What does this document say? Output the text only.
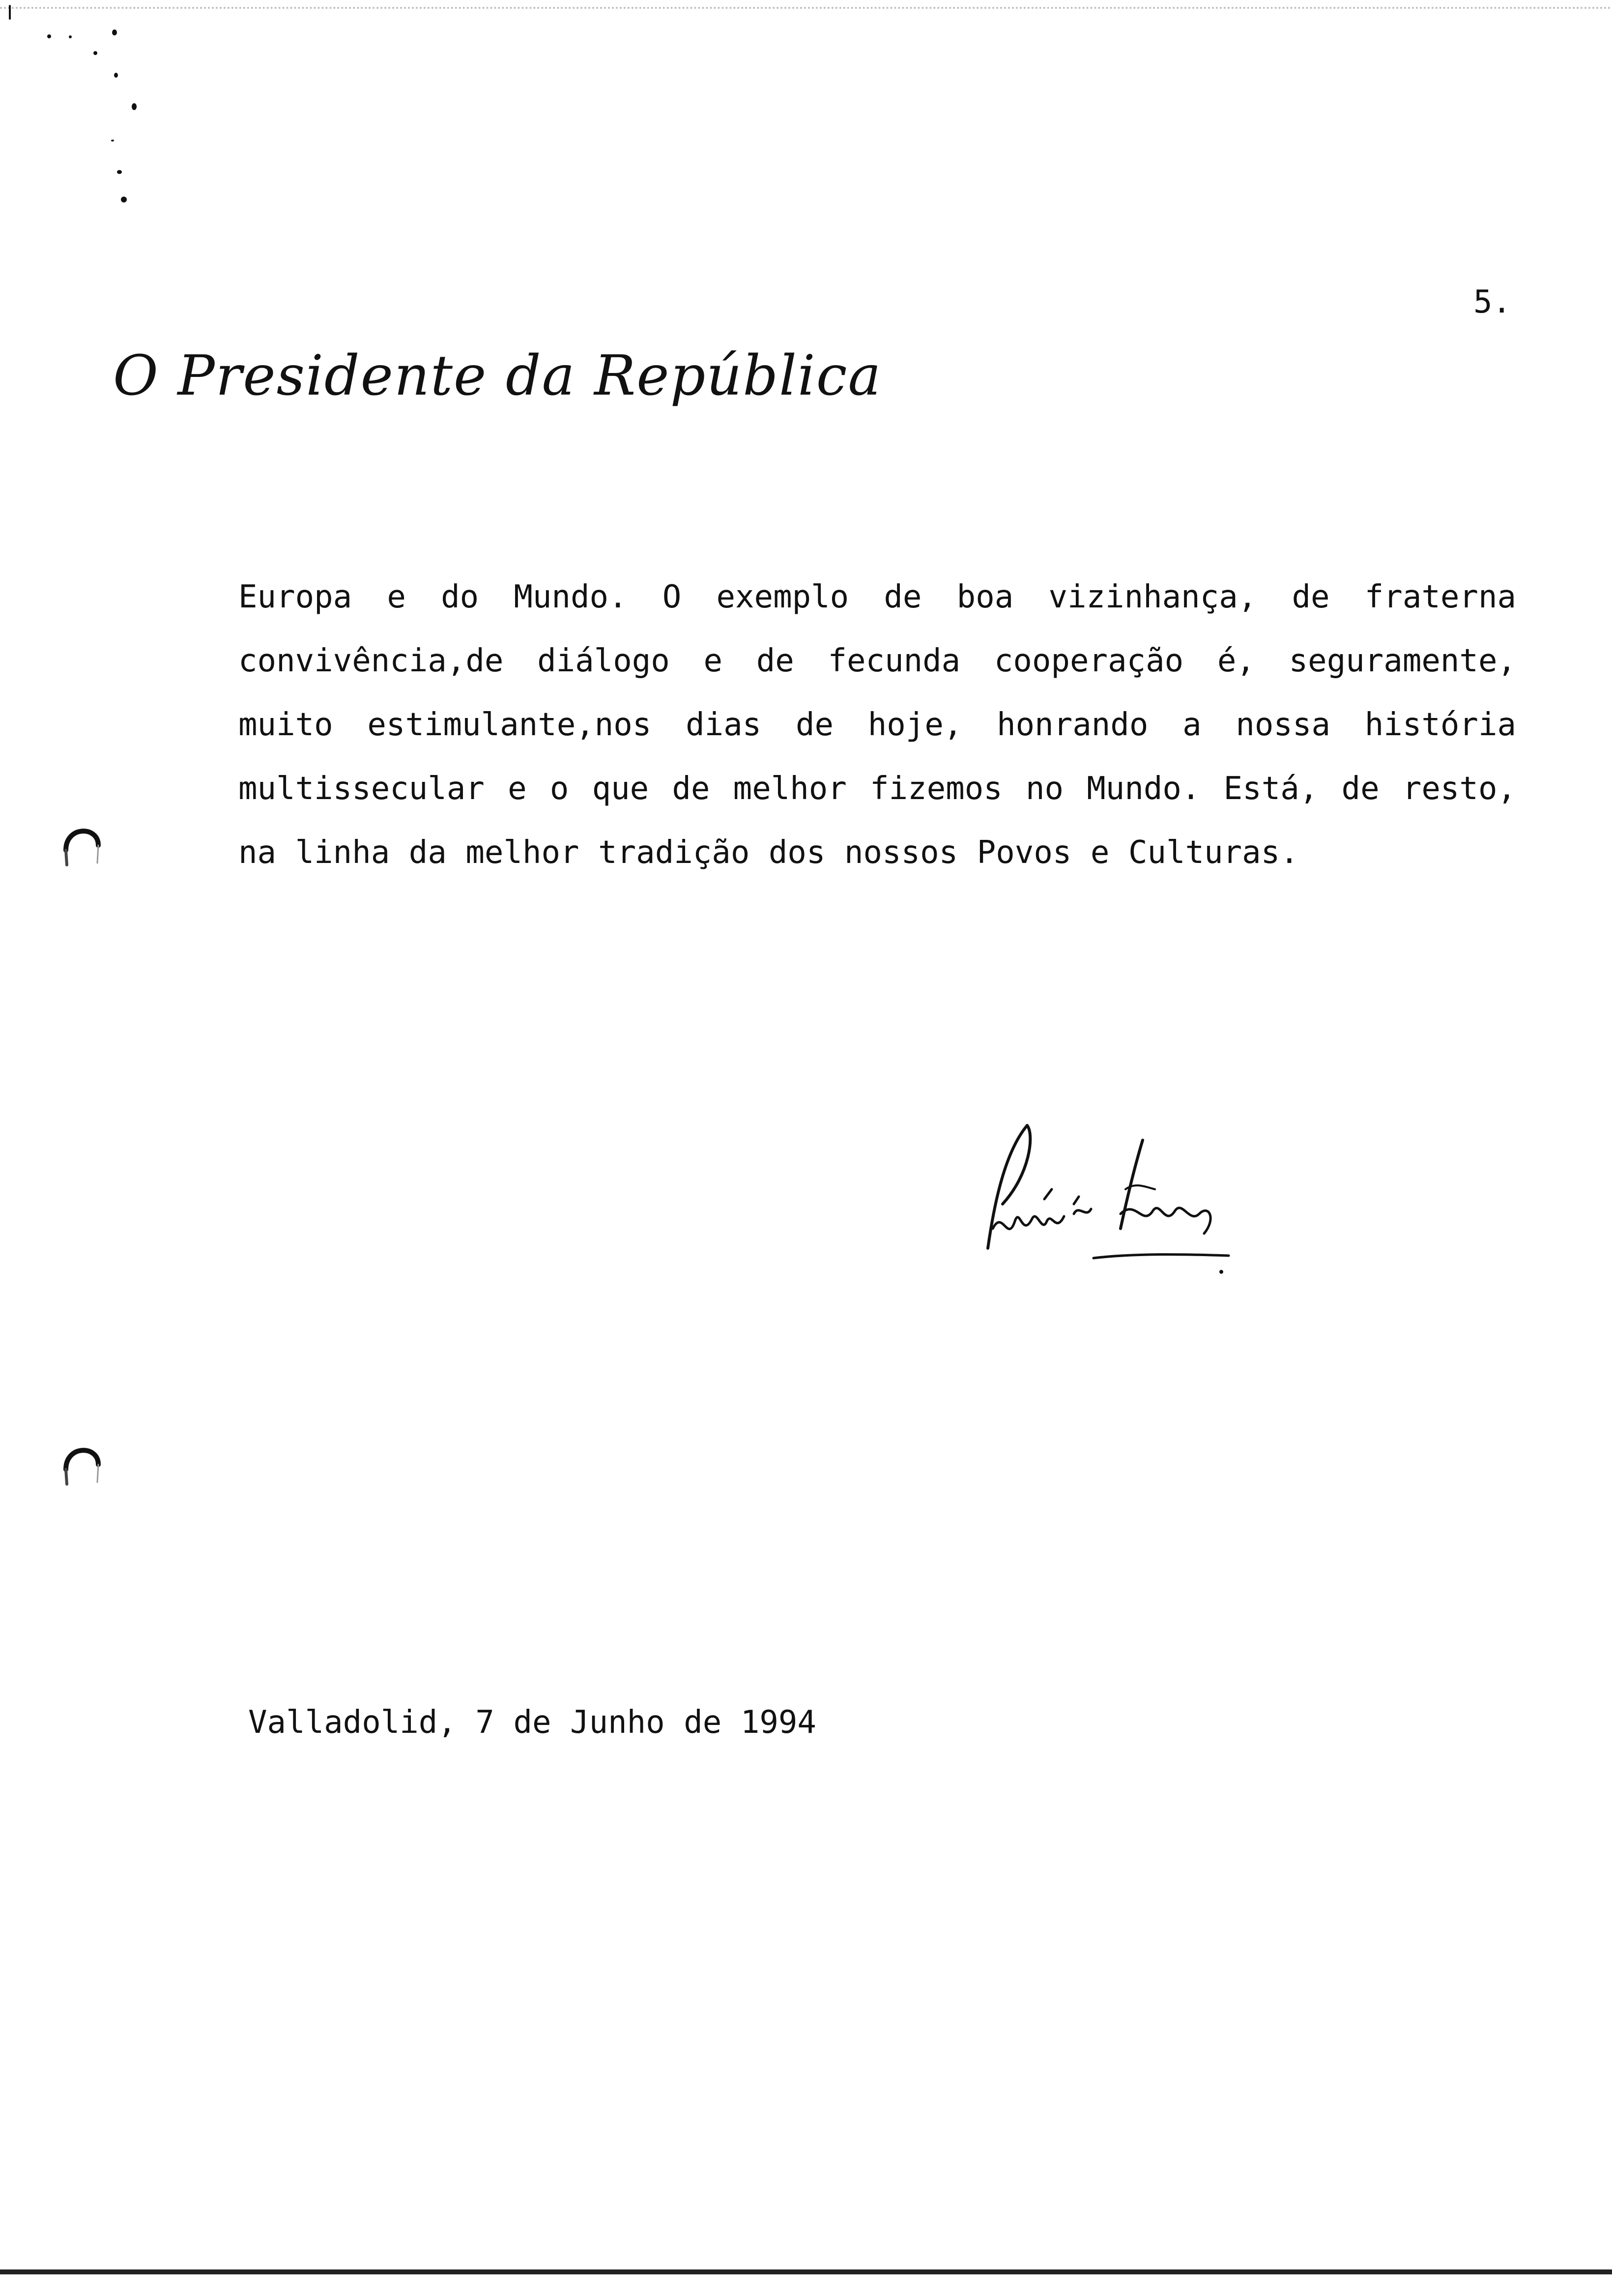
5.
O Presidente da República
Europa e do Mundo. O exemplo de boa vizinhança, de fraterna
convivência,de diálogo e de fecunda cooperação é, seguramente,
muito estimulante,nos dias de hoje, honrando a nossa história
multissecular e o que de melhor fizemos no Mundo. Está, de resto,
na linha da melhor tradição dos nossos Povos e Culturas.
Valladolid, 7 de Junho de 1994
